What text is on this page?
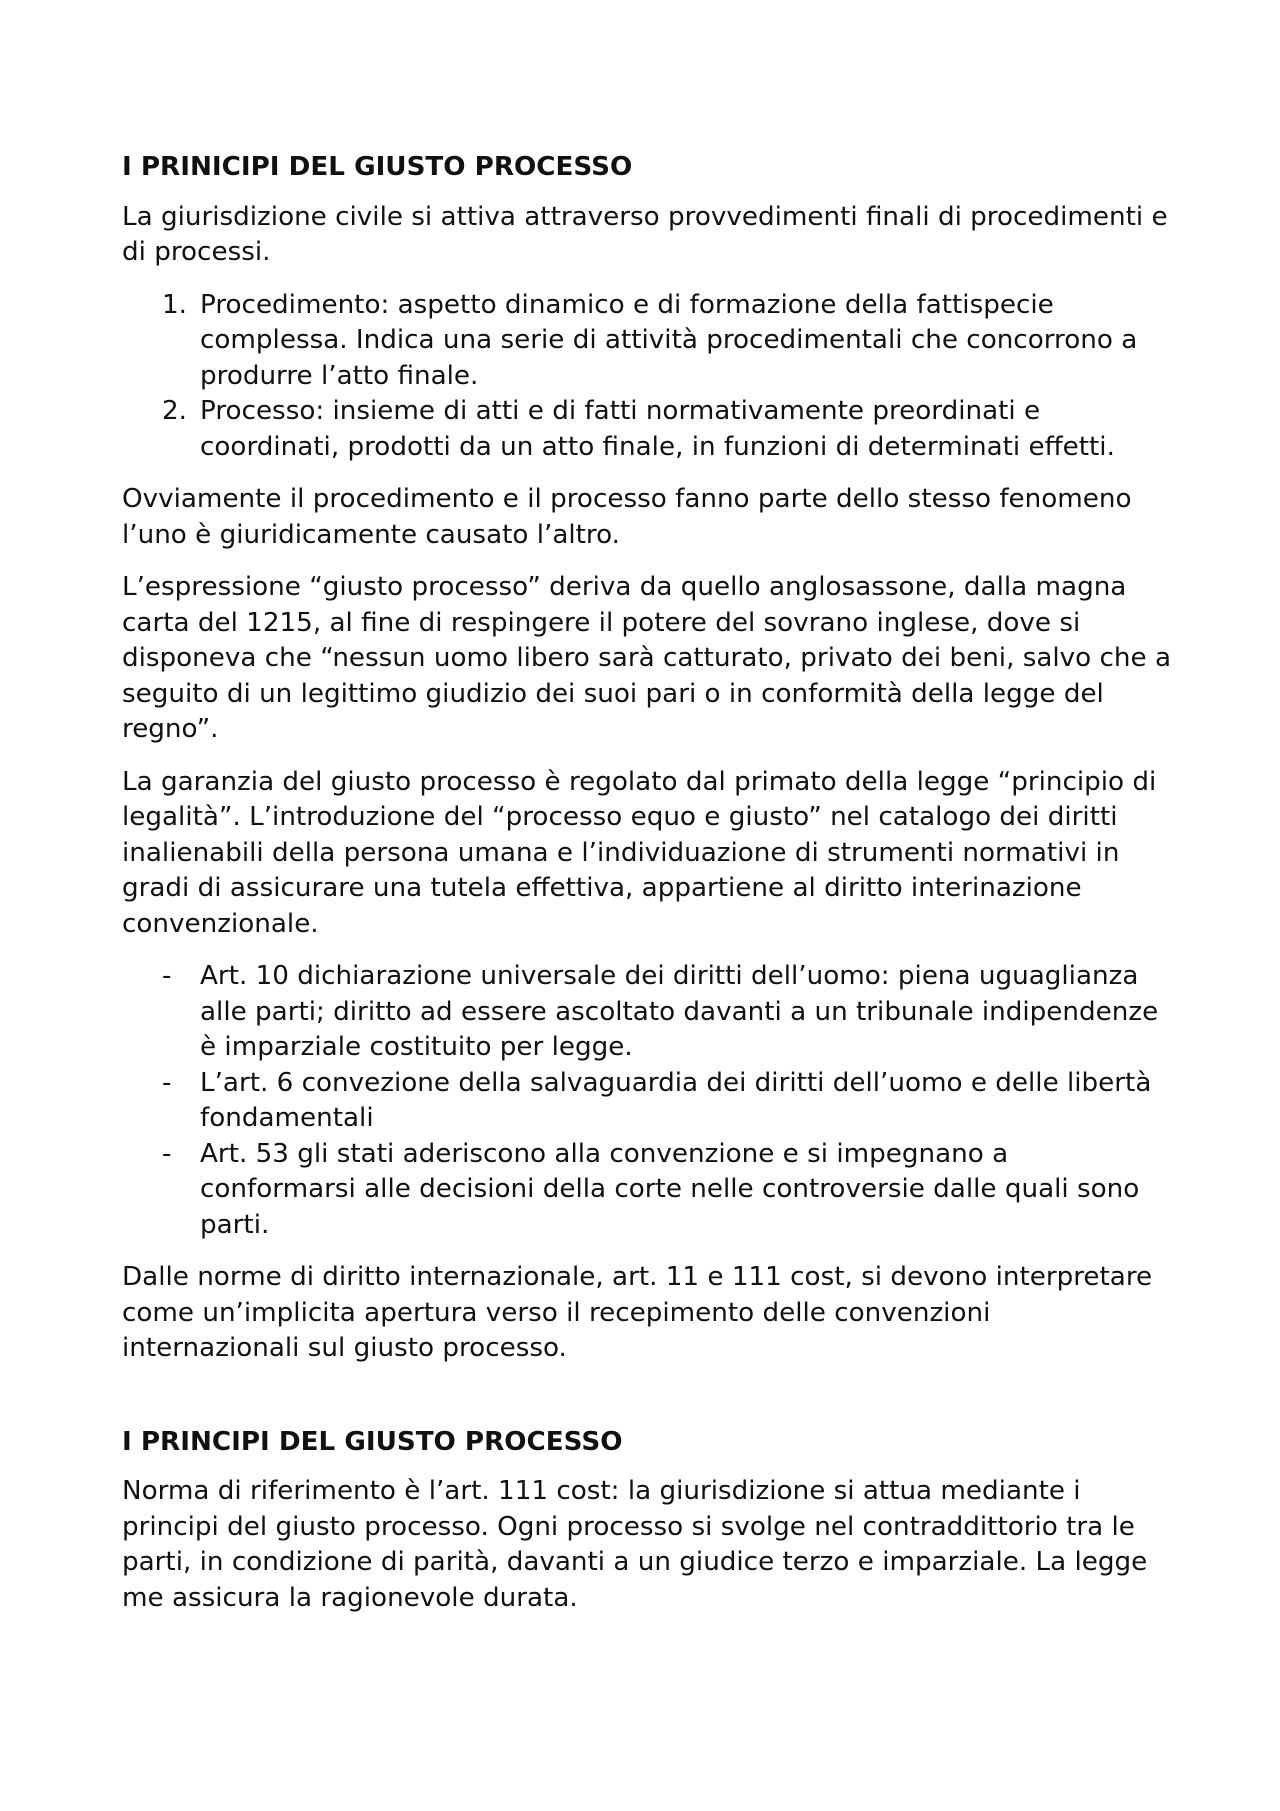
I PRINICIPI DEL GIUSTO PROCESSO

La giurisdizione civile si attiva attraverso provvedimenti finali di procedimenti e di processi.

1. Procedimento: aspetto dinamico e di formazione della fattispecie complessa. Indica una serie di attività procedimentali che concorrono a produrre l’atto finale.
2. Processo: insieme di atti e di fatti normativamente preordinati e coordinati, prodotti da un atto finale, in funzioni di determinati effetti.

Ovviamente il procedimento e il processo fanno parte dello stesso fenomeno l’uno è giuridicamente causato l’altro.

L’espressione “giusto processo” deriva da quello anglosassone, dalla magna carta del 1215, al fine di respingere il potere del sovrano inglese, dove si disponeva che “nessun uomo libero sarà catturato, privato dei beni, salvo che a seguito di un legittimo giudizio dei suoi pari o in conformità della legge del regno”.

La garanzia del giusto processo è regolato dal primato della legge “principio di legalità”. L’introduzione del “processo equo e giusto” nel catalogo dei diritti inalienabili della persona umana e l’individuazione di strumenti normativi in gradi di assicurare una tutela effettiva, appartiene al diritto interinazione convenzionale.

- Art. 10 dichiarazione universale dei diritti dell’uomo: piena uguaglianza alle parti; diritto ad essere ascoltato davanti a un tribunale indipendenze è imparziale costituito per legge.
- L’art. 6 convezione della salvaguardia dei diritti dell’uomo e delle libertà fondamentali
- Art. 53 gli stati aderiscono alla convenzione e si impegnano a conformarsi alle decisioni della corte nelle controversie dalle quali sono parti.

Dalle norme di diritto internazionale, art. 11 e 111 cost, si devono interpretare come un’implicita apertura verso il recepimento delle convenzioni internazionali sul giusto processo.

I PRINCIPI DEL GIUSTO PROCESSO

Norma di riferimento è l’art. 111 cost: la giurisdizione si attua mediante i principi del giusto processo. Ogni processo si svolge nel contraddittorio tra le parti, in condizione di parità, davanti a un giudice terzo e imparziale. La legge me assicura la ragionevole durata.
